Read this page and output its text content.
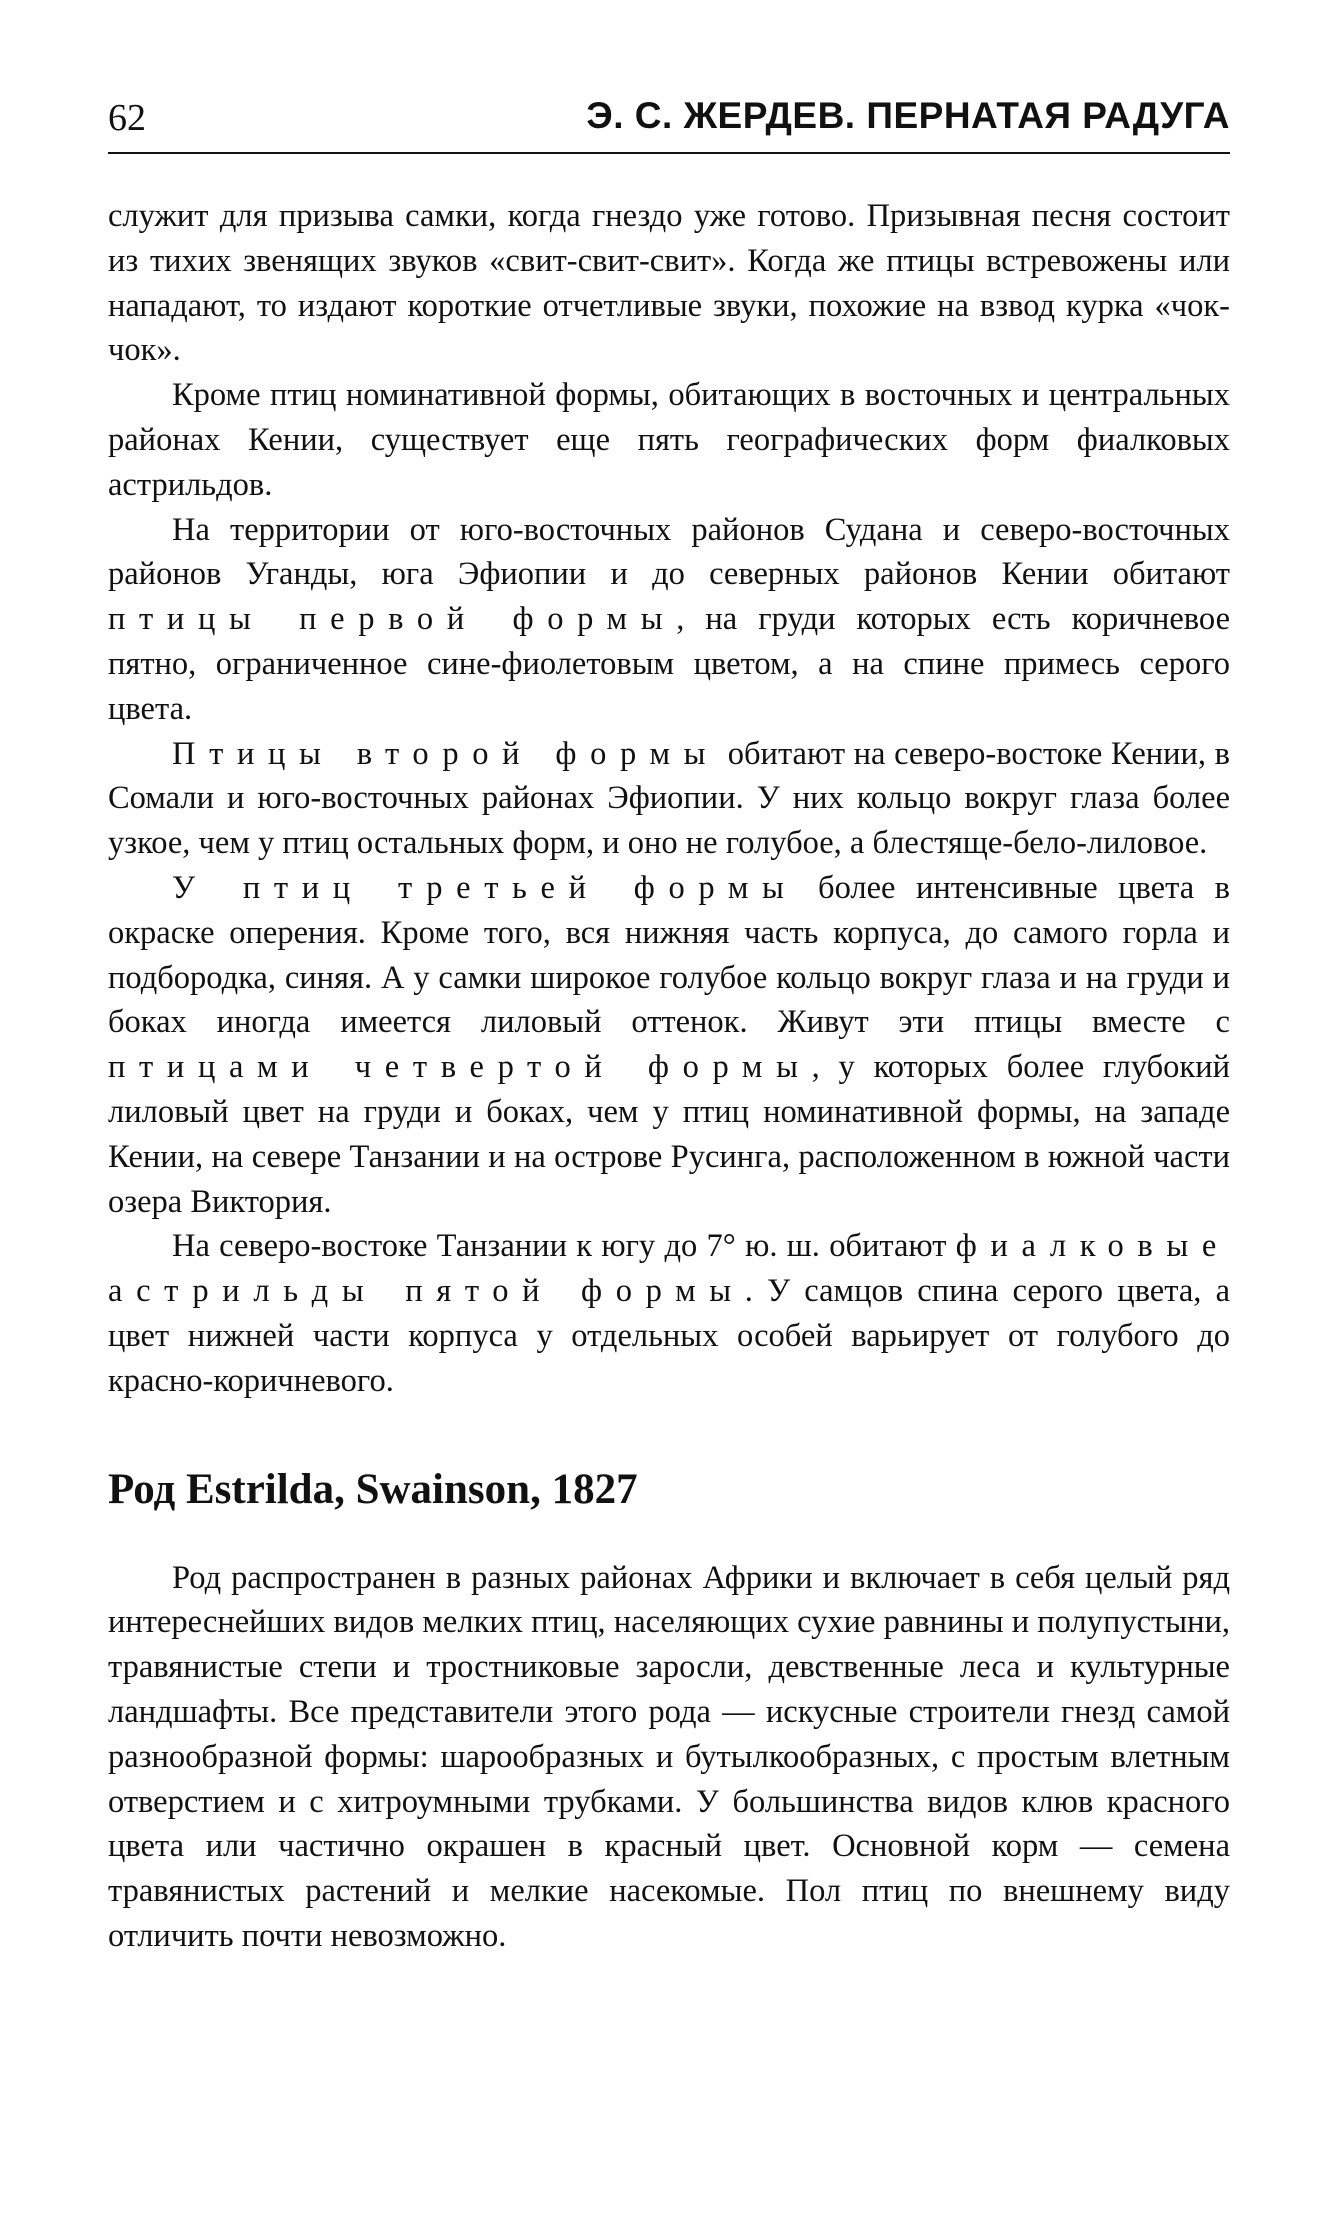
62	Э. С. ЖЕРДЕВ. ПЕРНАТАЯ РАДУГА

служит для призыва самки, когда гнездо уже готово. Призывная песня состоит из тихих звенящих звуков «свит-свит-свит». Когда же птицы встревожены или нападают, то издают короткие отчетливые звуки, похожие на взвод курка «чок-чок».

Кроме птиц номинативной формы, обитающих в восточных и центральных районах Кении, существует еще пять географических форм фиалковых астрильдов.

На территории от юго-восточных районов Судана и северо-восточных районов Уганды, юга Эфиопии и до северных районов Кении обитают птицы первой формы, на груди которых есть коричневое пятно, ограниченное сине-фиолетовым цветом, а на спине примесь серого цвета.

Птицы второй формы обитают на северо-востоке Кении, в Сомали и юго-восточных районах Эфиопии. У них кольцо вокруг глаза более узкое, чем у птиц остальных форм, и оно не голубое, а блестяще-бело-лиловое.

У птиц третьей формы более интенсивные цвета в окраске оперения. Кроме того, вся нижняя часть корпуса, до самого горла и подбородка, синяя. А у самки широкое голубое кольцо вокруг глаза и на груди и боках иногда имеется лиловый оттенок. Живут эти птицы вместе с птицами четвертой формы, у которых более глубокий лиловый цвет на груди и боках, чем у птиц номинативной формы, на западе Кении, на севере Танзании и на острове Русинга, расположенном в южной части озера Виктория.

На северо-востоке Танзании к югу до 7° ю. ш. обитают фиалковые астрильды пятой формы. У самцов спина серого цвета, а цвет нижней части корпуса у отдельных особей варьирует от голубого до красно-коричневого.

Род Estrilda, Swainson, 1827

Род распространен в разных районах Африки и включает в себя целый ряд интереснейших видов мелких птиц, населяющих сухие равнины и полупустыни, травянистые степи и тростниковые заросли, девственные леса и культурные ландшафты. Все представители этого рода — искусные строители гнезд самой разнообразной формы: шарообразных и бутылкообразных, с простым влетным отверстием и с хитроумными трубками. У большинства видов клюв красного цвета или частично окрашен в красный цвет. Основной корм — семена травянистых растений и мелкие насекомые. Пол птиц по внешнему виду отличить почти невозможно.
